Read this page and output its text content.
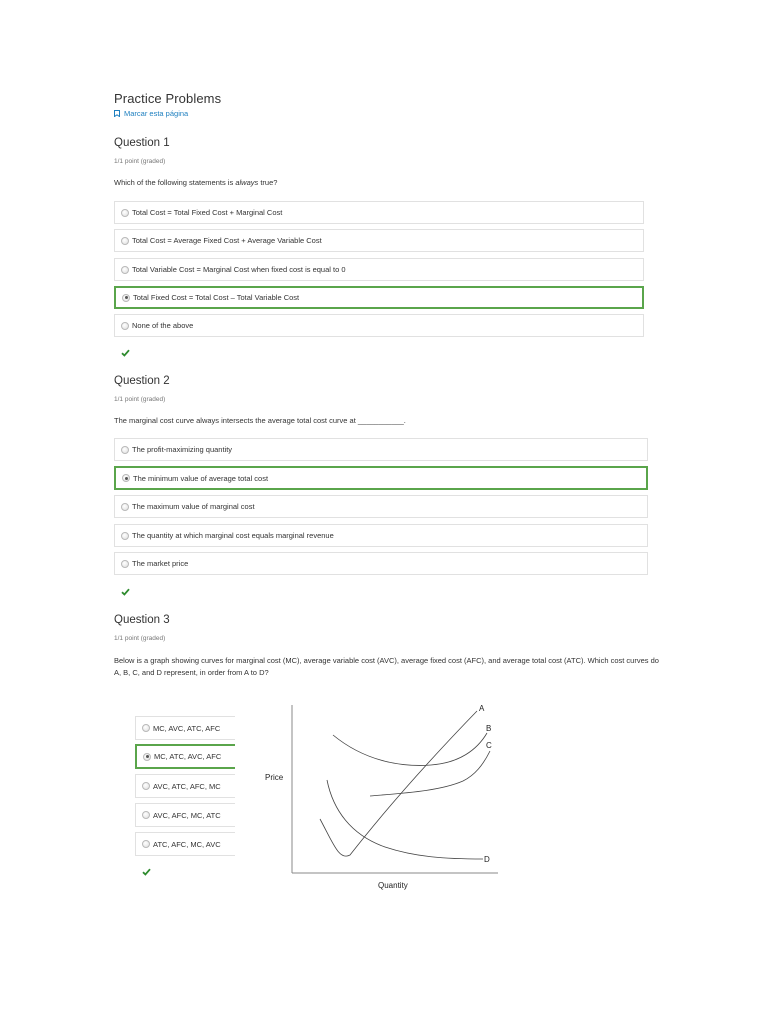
Practice Problems
Marcar esta página
Question 1
1/1 point (graded)
Which of the following statements is always true?
Total Cost = Total Fixed Cost + Marginal Cost
Total Cost = Average Fixed Cost + Average Variable Cost
Total Variable Cost = Marginal Cost when fixed cost is equal to 0
Total Fixed Cost = Total Cost – Total Variable Cost
None of the above
Question 2
1/1 point (graded)
The marginal cost curve always intersects the average total cost curve at ___________.
The profit-maximizing quantity
The minimum value of average total cost
The maximum value of marginal cost
The quantity at which marginal cost equals marginal revenue
The market price
Question 3
1/1 point (graded)
Below is a graph showing curves for marginal cost (MC), average variable cost (AVC), average fixed cost (AFC), and average total cost (ATC). Which cost curves do A, B, C, and D represent, in order from A to D?
MC, AVC, ATC, AFC
MC, ATC, AVC, AFC
AVC, ATC, AFC, MC
AVC, AFC, MC, ATC
ATC, AFC, MC, AVC
Price
Quantity
A
B
C
D
